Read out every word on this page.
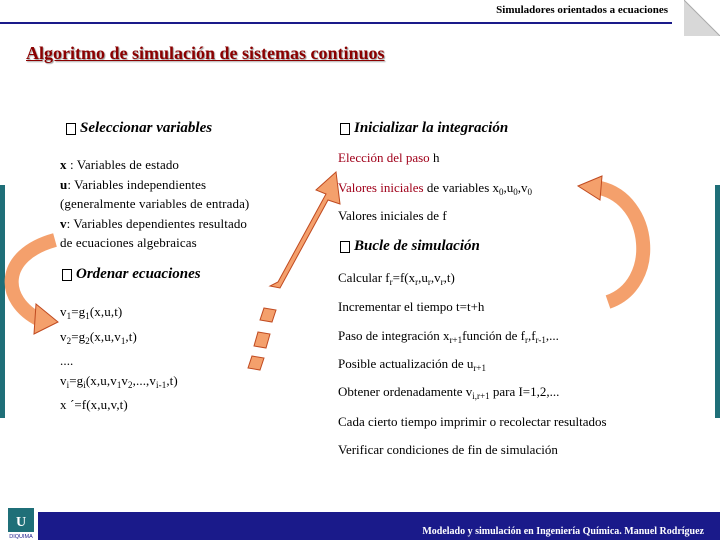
Simuladores orientados a ecuaciones
Algoritmo de simulación de sistemas continuos
Seleccionar variables
x : Variables de estado
u: Variables independientes
(generalmente variables de entrada)
v: Variables dependientes resultado
de ecuaciones algebraicas
Ordenar ecuaciones
$v_1=g_1(x,u,t)$
$v_2=g_2(x,u,v_1,t)$
....
$v_i=g_i(x,u,v_1v_2,...,v_{i-1},t)$
x ´=f(x,u,v,t)
Inicializar la integración
Elección del paso h
Valores iniciales de variables $x_0,u_0,v_0$
Valores iniciales de f
Bucle de simulación
Calcular $f_r=f(x_r,u_r,v_r,t)$
Incrementar el tiempo t=t+h
Paso de integración $x_{r+1}función$ de $f_r,f_{r-1}$,...
Posible actualización de $u_{r+1}$
Obtener ordenadamente $v_{i,r+1}$ para I=1,2,...
Cada cierto tiempo imprimir o recolectar resultados
Verificar condiciones de fin de simulación
U
DIQUIMA	Modelado y simulación en Ingeniería Química. Manuel Rodríguez
